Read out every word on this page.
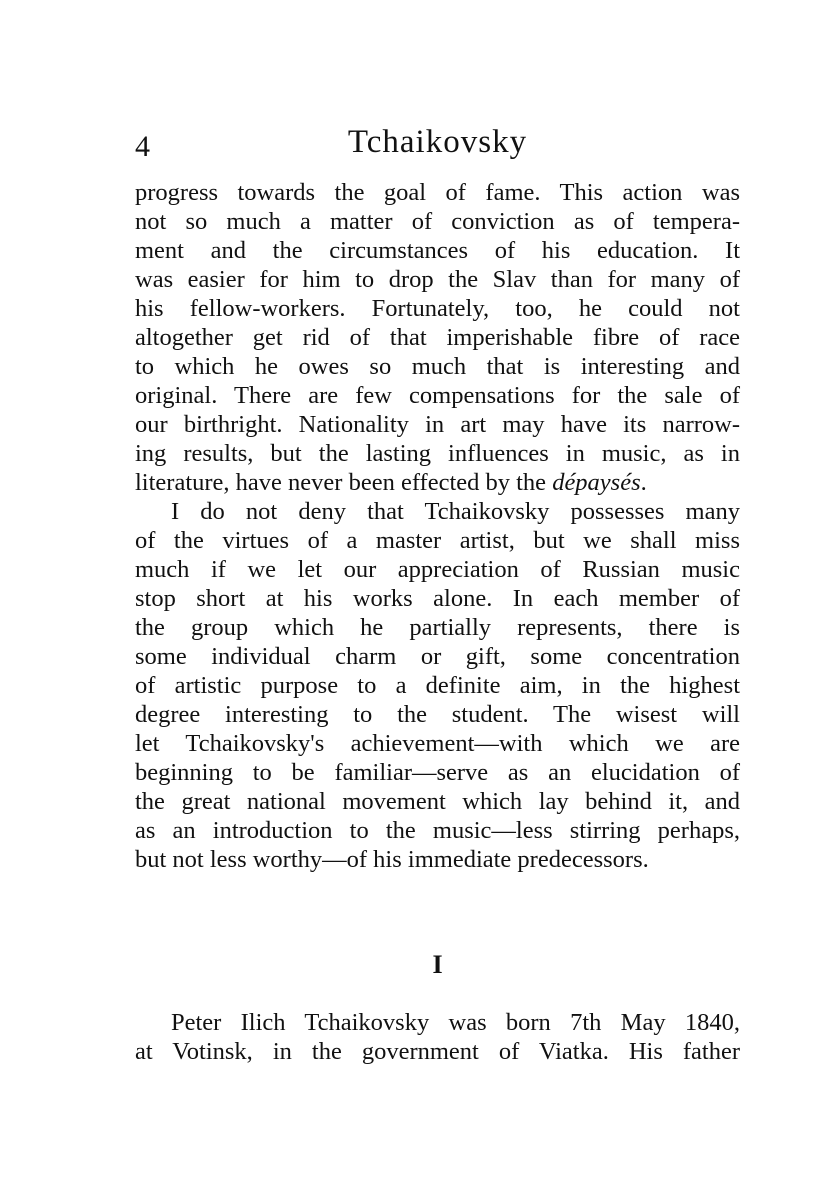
4	Tchaikovsky
progress towards the goal of fame. This action was
not so much a matter of conviction as of tempera-
ment and the circumstances of his education. It
was easier for him to drop the Slav than for many of
his fellow-workers. Fortunately, too, he could not
altogether get rid of that imperishable fibre of race
to which he owes so much that is interesting and
original. There are few compensations for the sale of
our birthright. Nationality in art may have its narrow-
ing results, but the lasting influences in music, as in
literature, have never been effected by the dépaysés.
I do not deny that Tchaikovsky possesses many
of the virtues of a master artist, but we shall miss
much if we let our appreciation of Russian music
stop short at his works alone. In each member of
the group which he partially represents, there is
some individual charm or gift, some concentration
of artistic purpose to a definite aim, in the highest
degree interesting to the student. The wisest will
let Tchaikovsky's achievement—with which we are
beginning to be familiar—serve as an elucidation of
the great national movement which lay behind it, and
as an introduction to the music—less stirring perhaps,
but not less worthy—of his immediate predecessors.
I
Peter Ilich Tchaikovsky was born 7th May 1840,
at Votinsk, in the government of Viatka. His father
